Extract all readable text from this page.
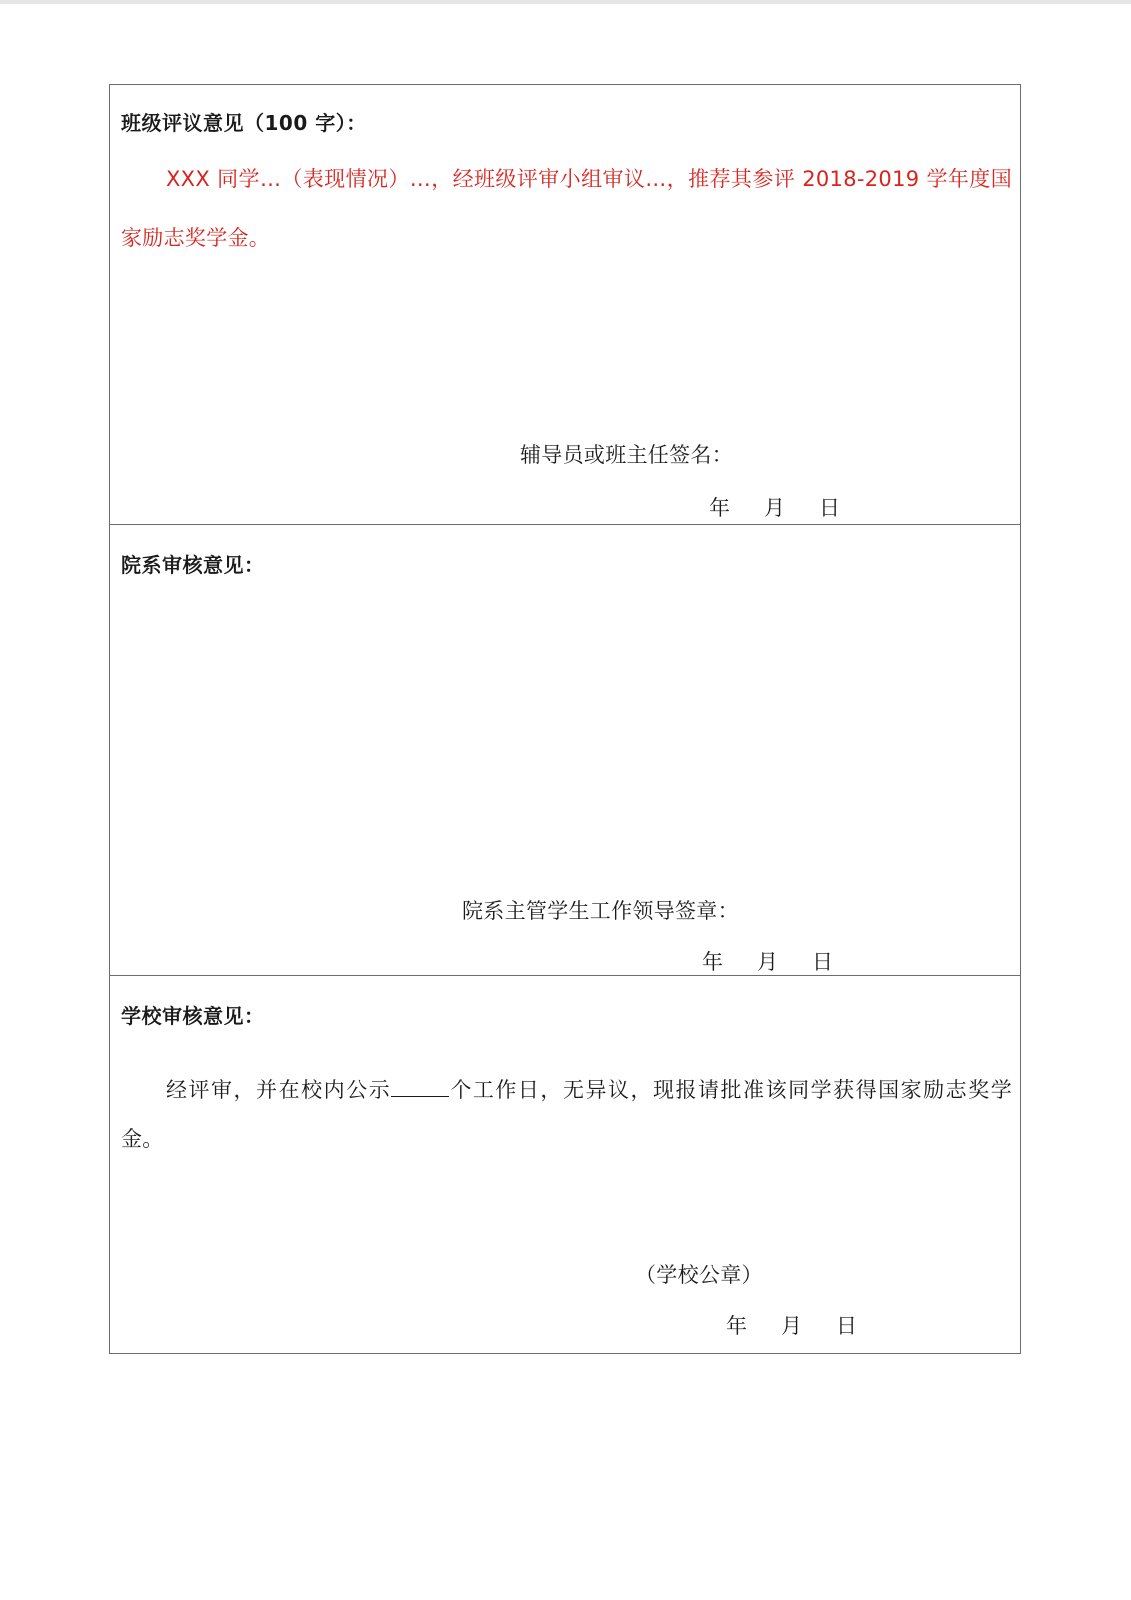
班级评议意见（100 字）：
XXX 同学…（表现情况）…，经班级评审小组审议…，推荐其参评 2018-2019 学年度国家励志奖学金。
辅导员或班主任签名：
年 月 日
院系审核意见：
院系主管学生工作领导签章：
年 月 日
学校审核意见：
经评审，并在校内公示	个工作日，无异议，现报请批准该同学获得国家励志奖学金。
（学校公章）
年 月 日
